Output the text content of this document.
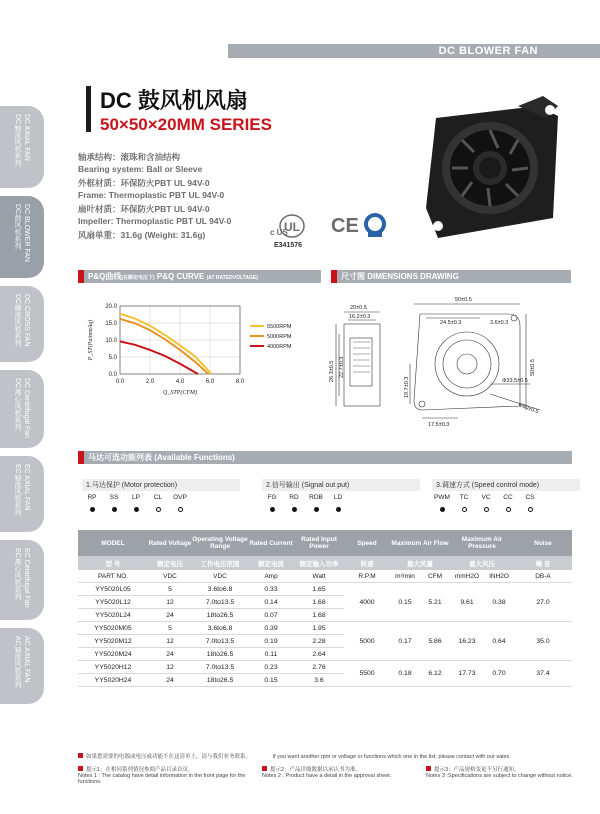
DC BLOWER FAN
DC AXIAL FAN
DC轴流风机系列
DC BLOWER FAN
DC鼓风机系列
DC CROSS FAN
DC横流风机系列
DC Centrifugal Fan
DC离心风机系列
EC AXIAL FAN
EC轴流风机系列
EC Centrifugal Fan
EC离心风机系列
AC AXIAL FAN
AC轴流风机系列
DC 鼓风机风扇
50×50×20MM SERIES
轴承结构：滚珠和含油结构
Bearing system: Ball or Sleeve
外框材质：环保防火PBT UL 94V-0
Frame: Thermoplastic PBT UL 94V-0
扇叶材质：环保防火PBT UL 94V-0
Impeller: Thermoplastic PBT UL 94V-0
风扇单重：31.6g (Weight: 31.6g)
UL
c US
E341576
CE
P&Q曲线(在额定电压下) P&Q CURVE (AT RATEDVOLTAGE)	尺寸图 DIMENSIONS DRAWING
0.0	2.0	4.0	6.0	8.0
0.0
5.0
10.0
15.0
20.0
Q_STP(CFM)
P_ST(Pa/mmAq)	5500RPM
5000RPM
4000RPM
20±0.5
16.2±0.3
26.3±0.5 22.7±0.3
50±0.5
24.5±0.3	3.6±0.3
50±0.5
19.7±0.3
17.5±0.3
Φ33.5±0.5
Φ60±0.5
马达可选功能列表 (Available Functions)
1.马达保护 (Motor protection)
RP	SS	LP	CL	OVP
2.信号输出 (Signal out put)
FG	RD	RDB	LD
3.调速方式 (Speed control mode)
PWM	TC	VC	CC	CS
MODEL	Rated Voltage	Operating Voltage Range	Rated Current	Rated Input Power	Speed	Maximum Air Flow		Maximum Air Pressure		Noise
型 号	额定电压	工作电压范围	额定电流	额定输入功率	转速	最大风量		最大风压		噪 音
PART NO.	VDC	VDC	Amp	Watt	R.P.M	m³/min	CFM	mmH2O	INH2O	DB-A
YY5020L05	5	3.6to6.8	0.33	1.65	4000	0.15	5.21	9.61	0.38	27.0
YY5020L12	12	7.0to13.5	0.14	1.68						
YY5020L24	24	18to26.5	0.07	1.68						
YY5020M05	5	3.6to6.8	0.39	1.95	5000	0.17	5.86	16.23	0.64	35.0
YY5020M12	12	7.0to13.5	0.19	2.28						
YY5020M24	24	18to26.5	0.11	2.64						
YY5020H12	12	7.0to13.5	0.23	2.76	5500	0.18	6.12	17.73	0.70	37.4
YY5020H24	24	18to26.5	0.15	3.6						
如果您需要的电源或电压或功能不在这清单上，请与我们业务联系。	If you want another rpm or voltage or functions which one in the list. please contact with our sales.
提示1：在相同系列情况参阅产品目录首页。
Notes 1 : The catalog have detail information in the front page for the functions.
提示2：产品详细数据以承认书为准。
Notes 2 : Product have a detail in the approval sheet.
提示3：产品规格变更不另行通知。
Notes 3 :Specifications are subject to change without notice.
